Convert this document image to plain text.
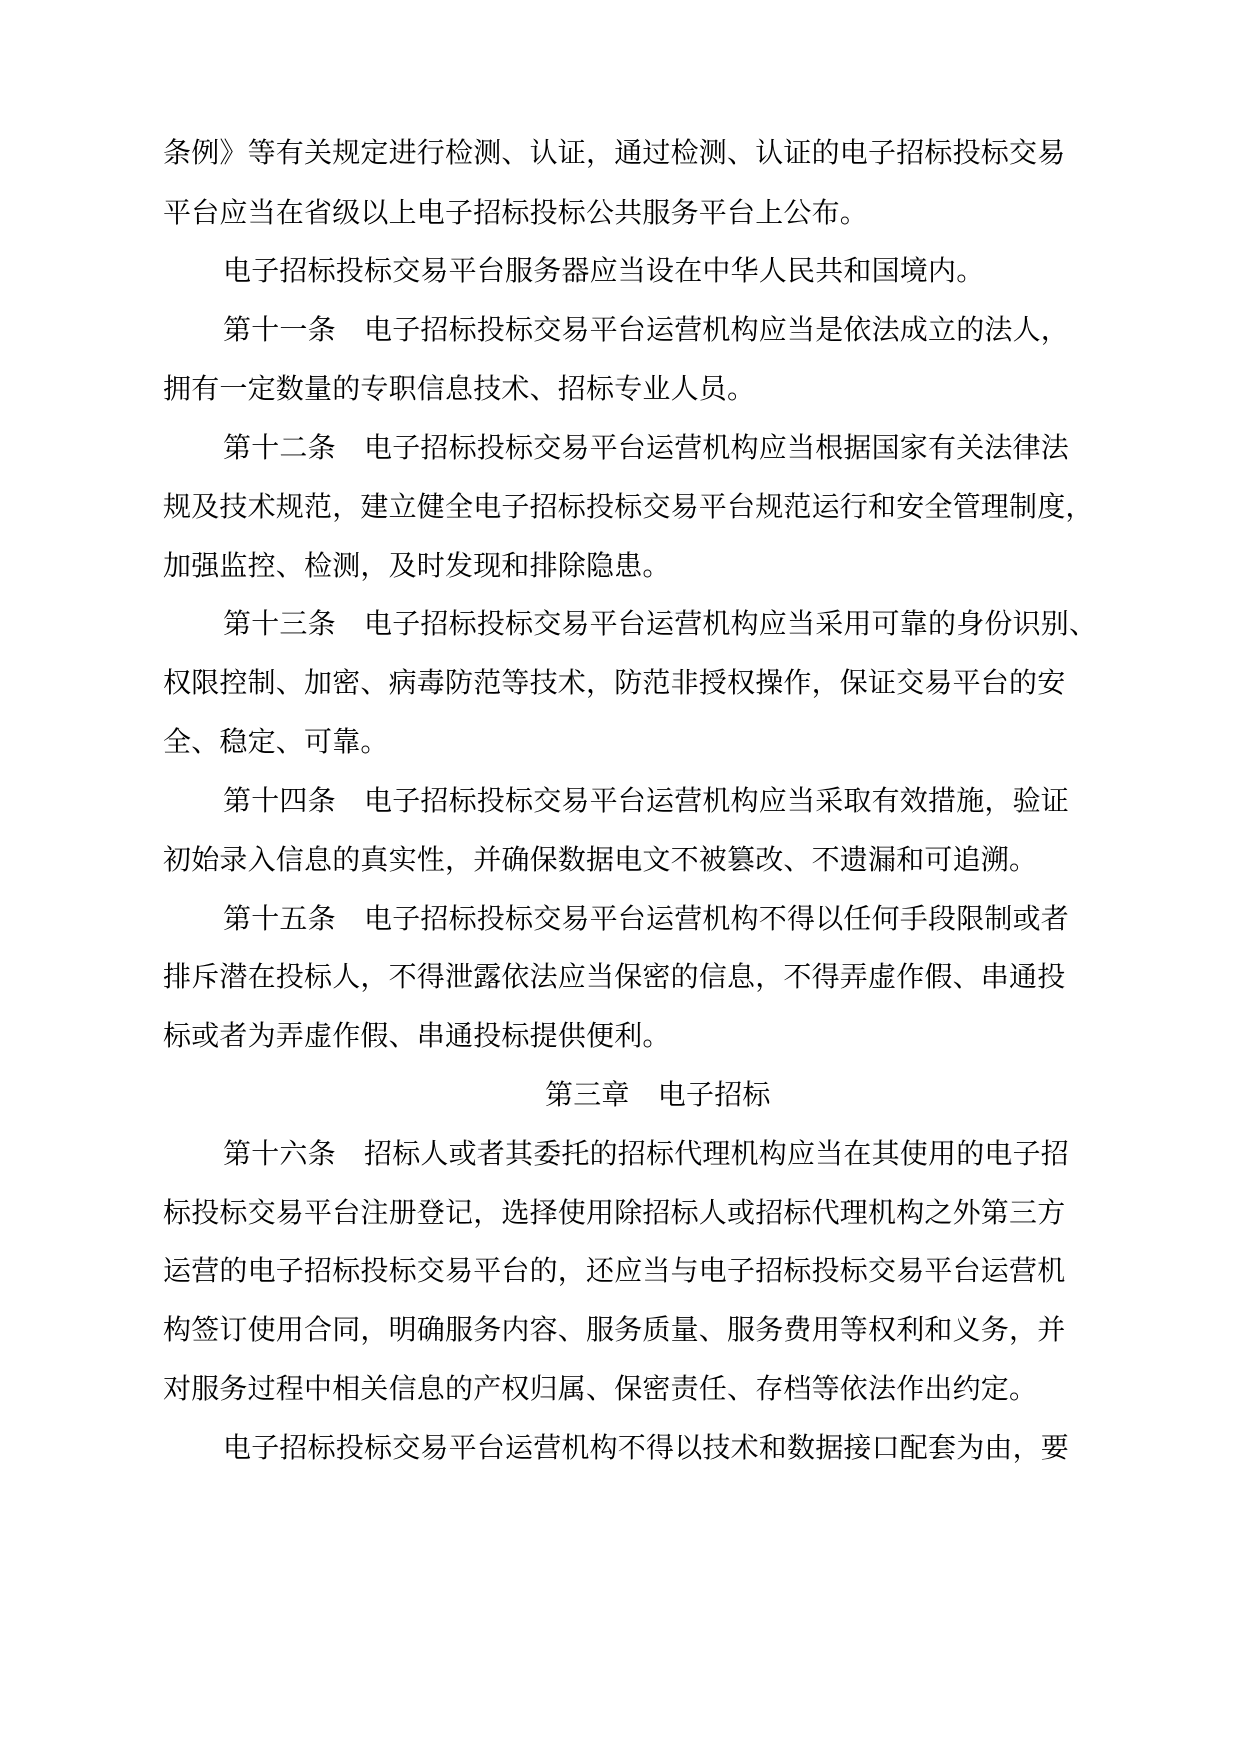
条例》等有关规定进行检测、认证，通过检测、认证的电子招标投标交易
平台应当在省级以上电子招标投标公共服务平台上公布。
电子招标投标交易平台服务器应当设在中华人民共和国境内。
第十一条　电子招标投标交易平台运营机构应当是依法成立的法人，
拥有一定数量的专职信息技术、招标专业人员。
第十二条　电子招标投标交易平台运营机构应当根据国家有关法律法
规及技术规范，建立健全电子招标投标交易平台规范运行和安全管理制度，
加强监控、检测，及时发现和排除隐患。
第十三条　电子招标投标交易平台运营机构应当采用可靠的身份识别、
权限控制、加密、病毒防范等技术，防范非授权操作，保证交易平台的安
全、稳定、可靠。
第十四条　电子招标投标交易平台运营机构应当采取有效措施，验证
初始录入信息的真实性，并确保数据电文不被篡改、不遗漏和可追溯。
第十五条　电子招标投标交易平台运营机构不得以任何手段限制或者
排斥潜在投标人，不得泄露依法应当保密的信息，不得弄虚作假、串通投
标或者为弄虚作假、串通投标提供便利。
第三章　电子招标
第十六条　招标人或者其委托的招标代理机构应当在其使用的电子招
标投标交易平台注册登记，选择使用除招标人或招标代理机构之外第三方
运营的电子招标投标交易平台的，还应当与电子招标投标交易平台运营机
构签订使用合同，明确服务内容、服务质量、服务费用等权利和义务，并
对服务过程中相关信息的产权归属、保密责任、存档等依法作出约定。
电子招标投标交易平台运营机构不得以技术和数据接口配套为由，要
